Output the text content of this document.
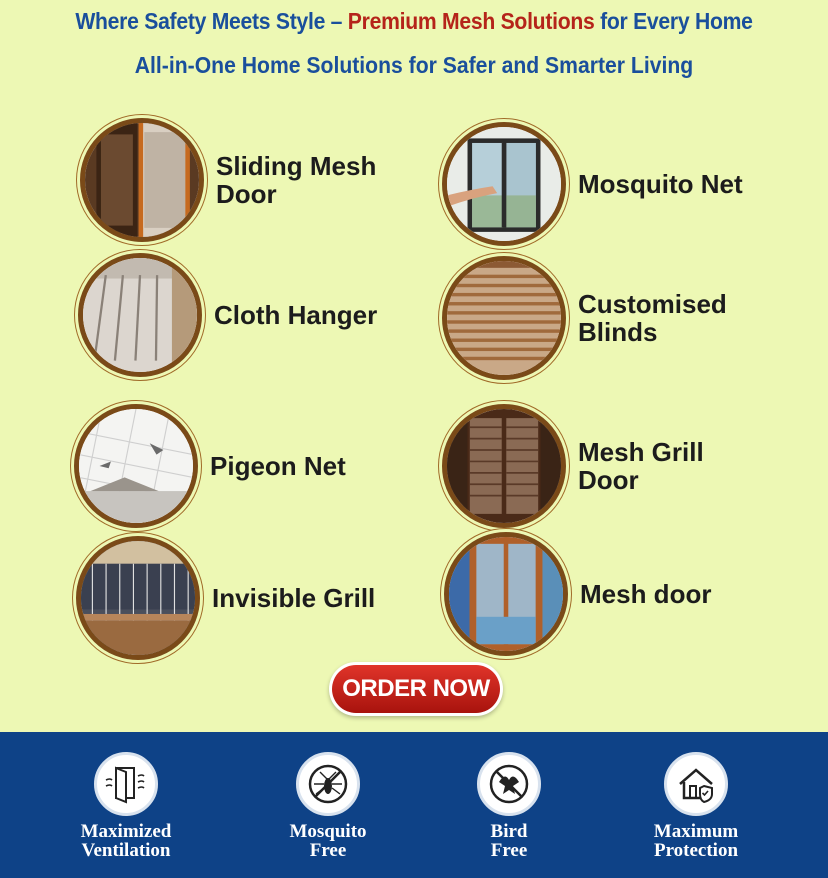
Where Safety Meets Style – Premium Mesh Solutions for Every Home
All-in-One Home Solutions for Safer and Smarter Living
Sliding Mesh Door	Mosquito Net
Cloth Hanger	Customised Blinds
Pigeon Net	Mesh Grill Door
Invisible Grill	Mesh door
ORDER NOW
Maximized
Ventilation
Mosquito
Free
Bird
Free
Maximum
Protection
